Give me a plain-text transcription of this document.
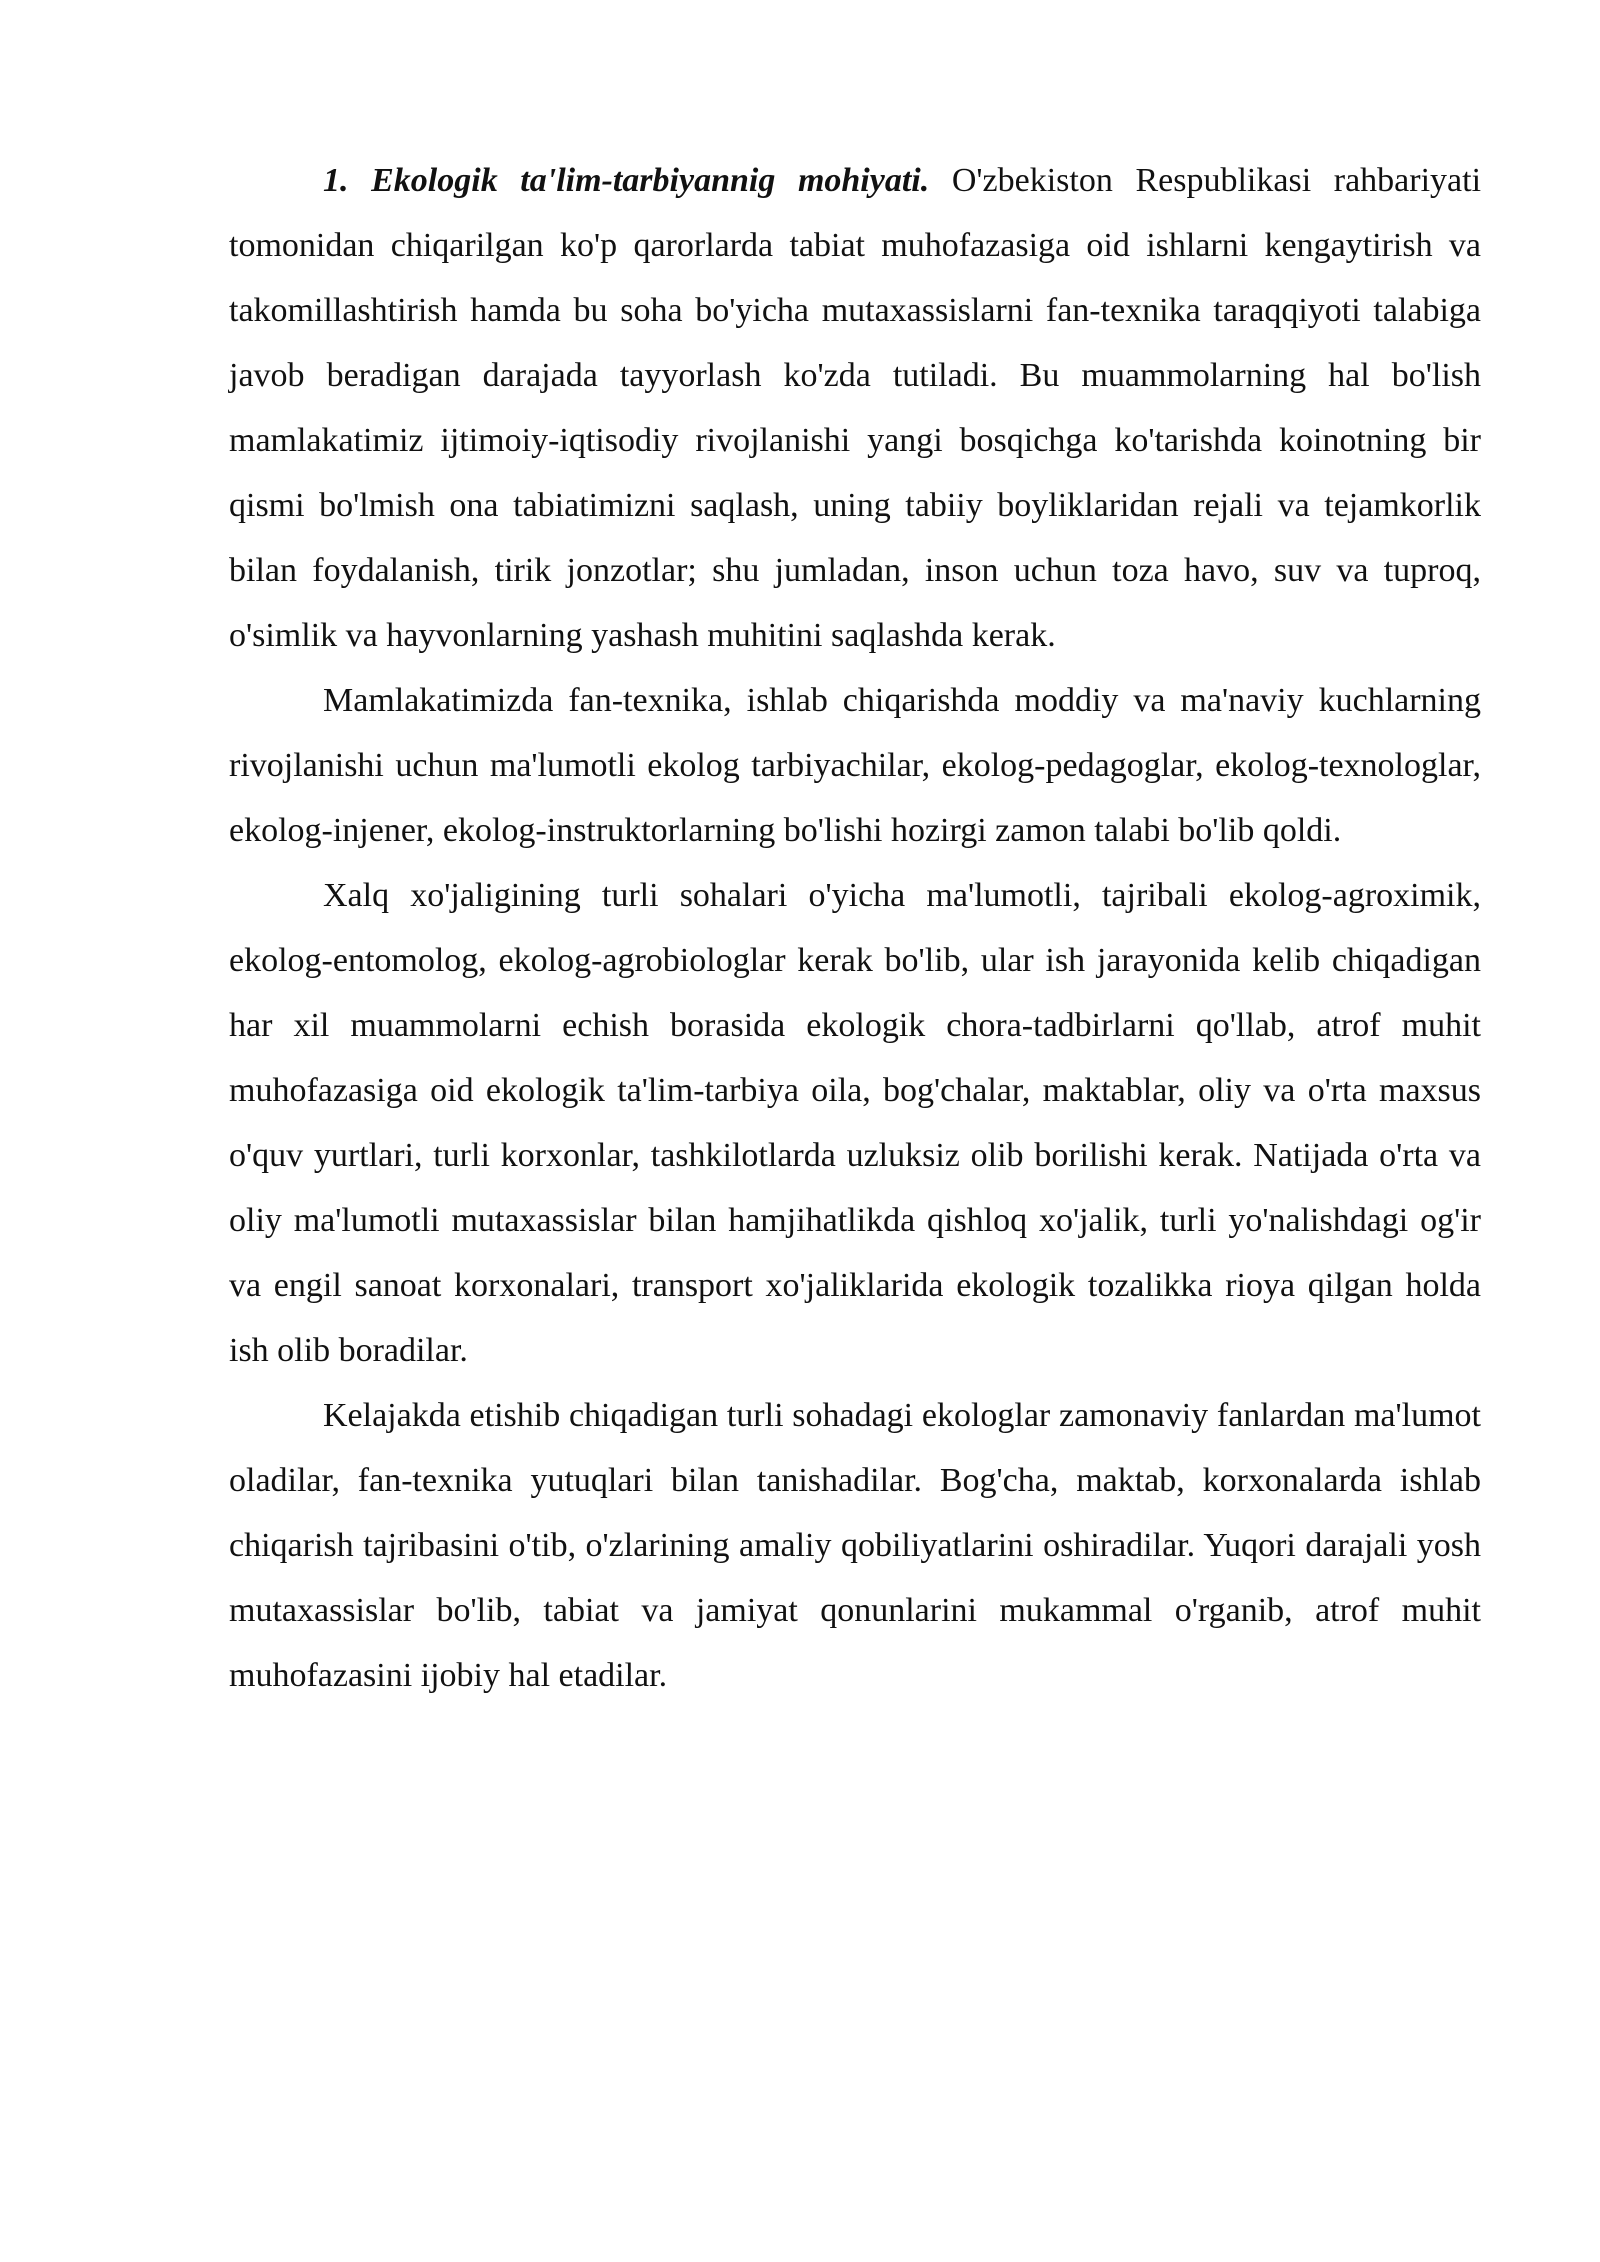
1. Ekologik ta'lim-tarbiyannig mohiyati. O'zbekiston Respublikasi rahbariyati tomonidan chiqarilgan ko'p qarorlarda tabiat muhofazasiga oid ishlarni kengaytirish va takomillashtirish hamda bu soha bo'yicha mutaxassislarni fan-texnika taraqqiyoti talabiga javob beradigan darajada tayyorlash ko'zda tutiladi. Bu muammolarning hal bo'lish mamlakatimiz ijtimoiy-iqtisodiy rivojlanishi yangi bosqichga ko'tarishda koinotning bir qismi bo'lmish ona tabiatimizni saqlash, uning tabiiy boyliklaridan rejali va tejamkorlik bilan foydalanish, tirik jonzotlar; shu jumladan, inson uchun toza havo, suv va tuproq, o'simlik va hayvonlarning yashash muhitini saqlashda kerak.

Mamlakatimizda fan-texnika, ishlab chiqarishda moddiy va ma'naviy kuchlarning rivojlanishi uchun ma'lumotli ekolog tarbiyachilar, ekolog-pedagoglar, ekolog-texnologlar, ekolog-injener, ekolog-instruktorlarning bo'lishi hozirgi zamon talabi bo'lib qoldi.

Xalq xo'jaligining turli sohalari o'yicha ma'lumotli, tajribali ekolog-agroximik, ekolog-entomolog, ekolog-agrobiologlar kerak bo'lib, ular ish jarayonida kelib chiqadigan har xil muammolarni echish borasida ekologik chora-tadbirlarni qo'llab, atrof muhit muhofazasiga oid ekologik ta'lim-tarbiya oila, bog'chalar, maktablar, oliy va o'rta maxsus o'quv yurtlari, turli korxonlar, tashkilotlarda uzluksiz olib borilishi kerak. Natijada o'rta va oliy ma'lumotli mutaxassislar bilan hamjihatlikda qishloq xo'jalik, turli yo'nalishdagi og'ir va engil sanoat korxonalari, transport xo'jaliklarida ekologik tozalikka rioya qilgan holda ish olib boradilar.

Kelajakda etishib chiqadigan turli sohadagi ekologlar zamonaviy fanlardan ma'lumot oladilar, fan-texnika yutuqlari bilan tanishadilar. Bog'cha, maktab, korxonalarda ishlab chiqarish tajribasini o'tib, o'zlarining amaliy qobiliyatlarini oshiradilar. Yuqori darajali yosh mutaxassislar bo'lib, tabiat va jamiyat qonunlarini mukammal o'rganib, atrof muhit muhofazasini ijobiy hal etadilar.
